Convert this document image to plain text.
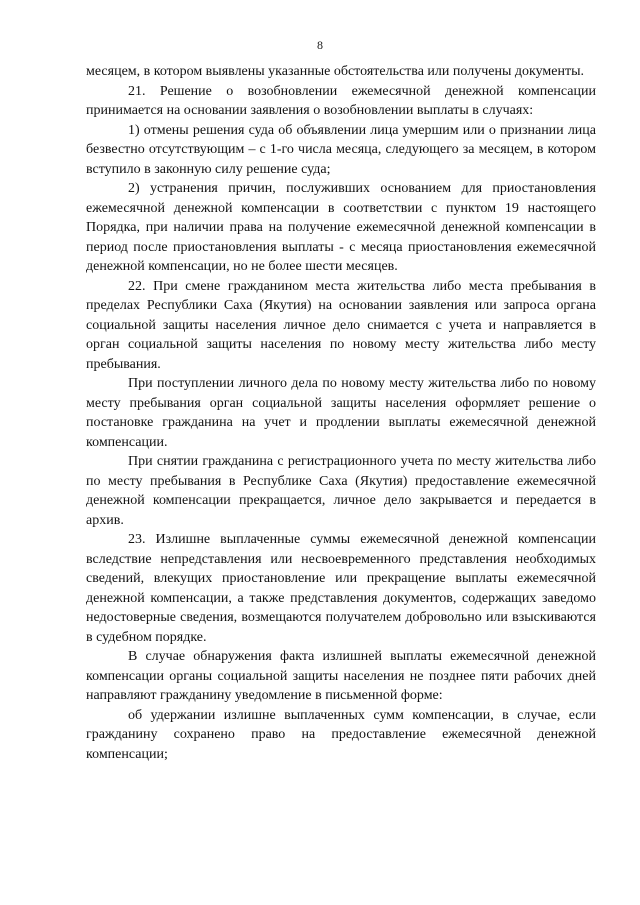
8

месяцем, в котором выявлены указанные обстоятельства или получены документы.

21. Решение о возобновлении ежемесячной денежной компенсации принимается на основании заявления о возобновлении выплаты в случаях:

1) отмены решения суда об объявлении лица умершим или о признании лица безвестно отсутствующим – с 1-го числа месяца, следующего за месяцем, в котором вступило в законную силу решение суда;

2) устранения причин, послуживших основанием для приостановления ежемесячной денежной компенсации в соответствии с пунктом 19 настоящего Порядка, при наличии права на получение ежемесячной денежной компенсации в период после приостановления выплаты - с месяца приостановления ежемесячной денежной компенсации, но не более шести месяцев.

22. При смене гражданином места жительства либо места пребывания в пределах Республики Саха (Якутия) на основании заявления или запроса органа социальной защиты населения личное дело снимается с учета и направляется в орган социальной защиты населения по новому месту жительства либо месту пребывания.

При поступлении личного дела по новому месту жительства либо по новому месту пребывания орган социальной защиты населения оформляет решение о постановке гражданина на учет и продлении выплаты ежемесячной денежной компенсации.

При снятии гражданина с регистрационного учета по месту жительства либо по месту пребывания в Республике Саха (Якутия) предоставление ежемесячной денежной компенсации прекращается, личное дело закрывается и передается в архив.

23. Излишне выплаченные суммы ежемесячной денежной компенсации вследствие непредставления или несвоевременного представления необходимых сведений, влекущих приостановление или прекращение выплаты ежемесячной денежной компенсации, а также представления документов, содержащих заведомо недостоверные сведения, возмещаются получателем добровольно или взыскиваются в судебном порядке.

В случае обнаружения факта излишней выплаты ежемесячной денежной компенсации органы социальной защиты населения не позднее пяти рабочих дней направляют гражданину уведомление в письменной форме:

об удержании излишне выплаченных сумм компенсации, в случае, если гражданину сохранено право на предоставление ежемесячной денежной компенсации;
